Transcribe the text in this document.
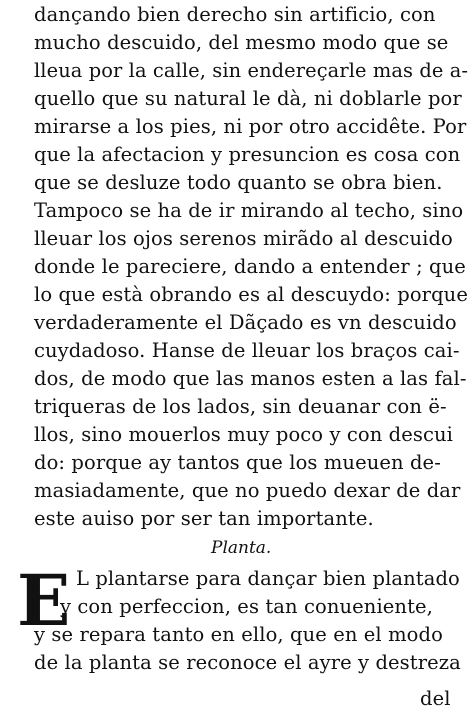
dançando bien derecho sin artificio, con
mucho descuido, del mesmo modo que se
lleua por la calle, sin endereçarle mas de a-
quello que su natural le dà, ni doblarle por
mirarse a los pies, ni por otro accidête. Por
que la afectacion y presuncion es cosa con
que se desluze todo quanto se obra bien.
Tampoco se ha de ir mirando al techo, sino
lleuar los ojos serenos mirãdo al descuido
donde le pareciere, dando a entender ; que
lo que està obrando es al descuydo: porque
verdaderamente el Dãçado es vn descuido
cuydadoso. Hanse de lleuar los braços cai-
dos, de modo que las manos esten a las fal-
triqueras de los lados, sin deuanar con ë-
llos, sino mouerlos muy poco y con descui
do: porque ay tantos que los mueuen de-
masiadamente, que no puedo dexar de dar
este auiso por ser tan importante.
Planta.
E L plantarse para dançar bien plantado
y con perfeccion, es tan conueniente,
y se repara tanto en ello, que en el modo
de la planta se reconoce el ayre y destreza
del
